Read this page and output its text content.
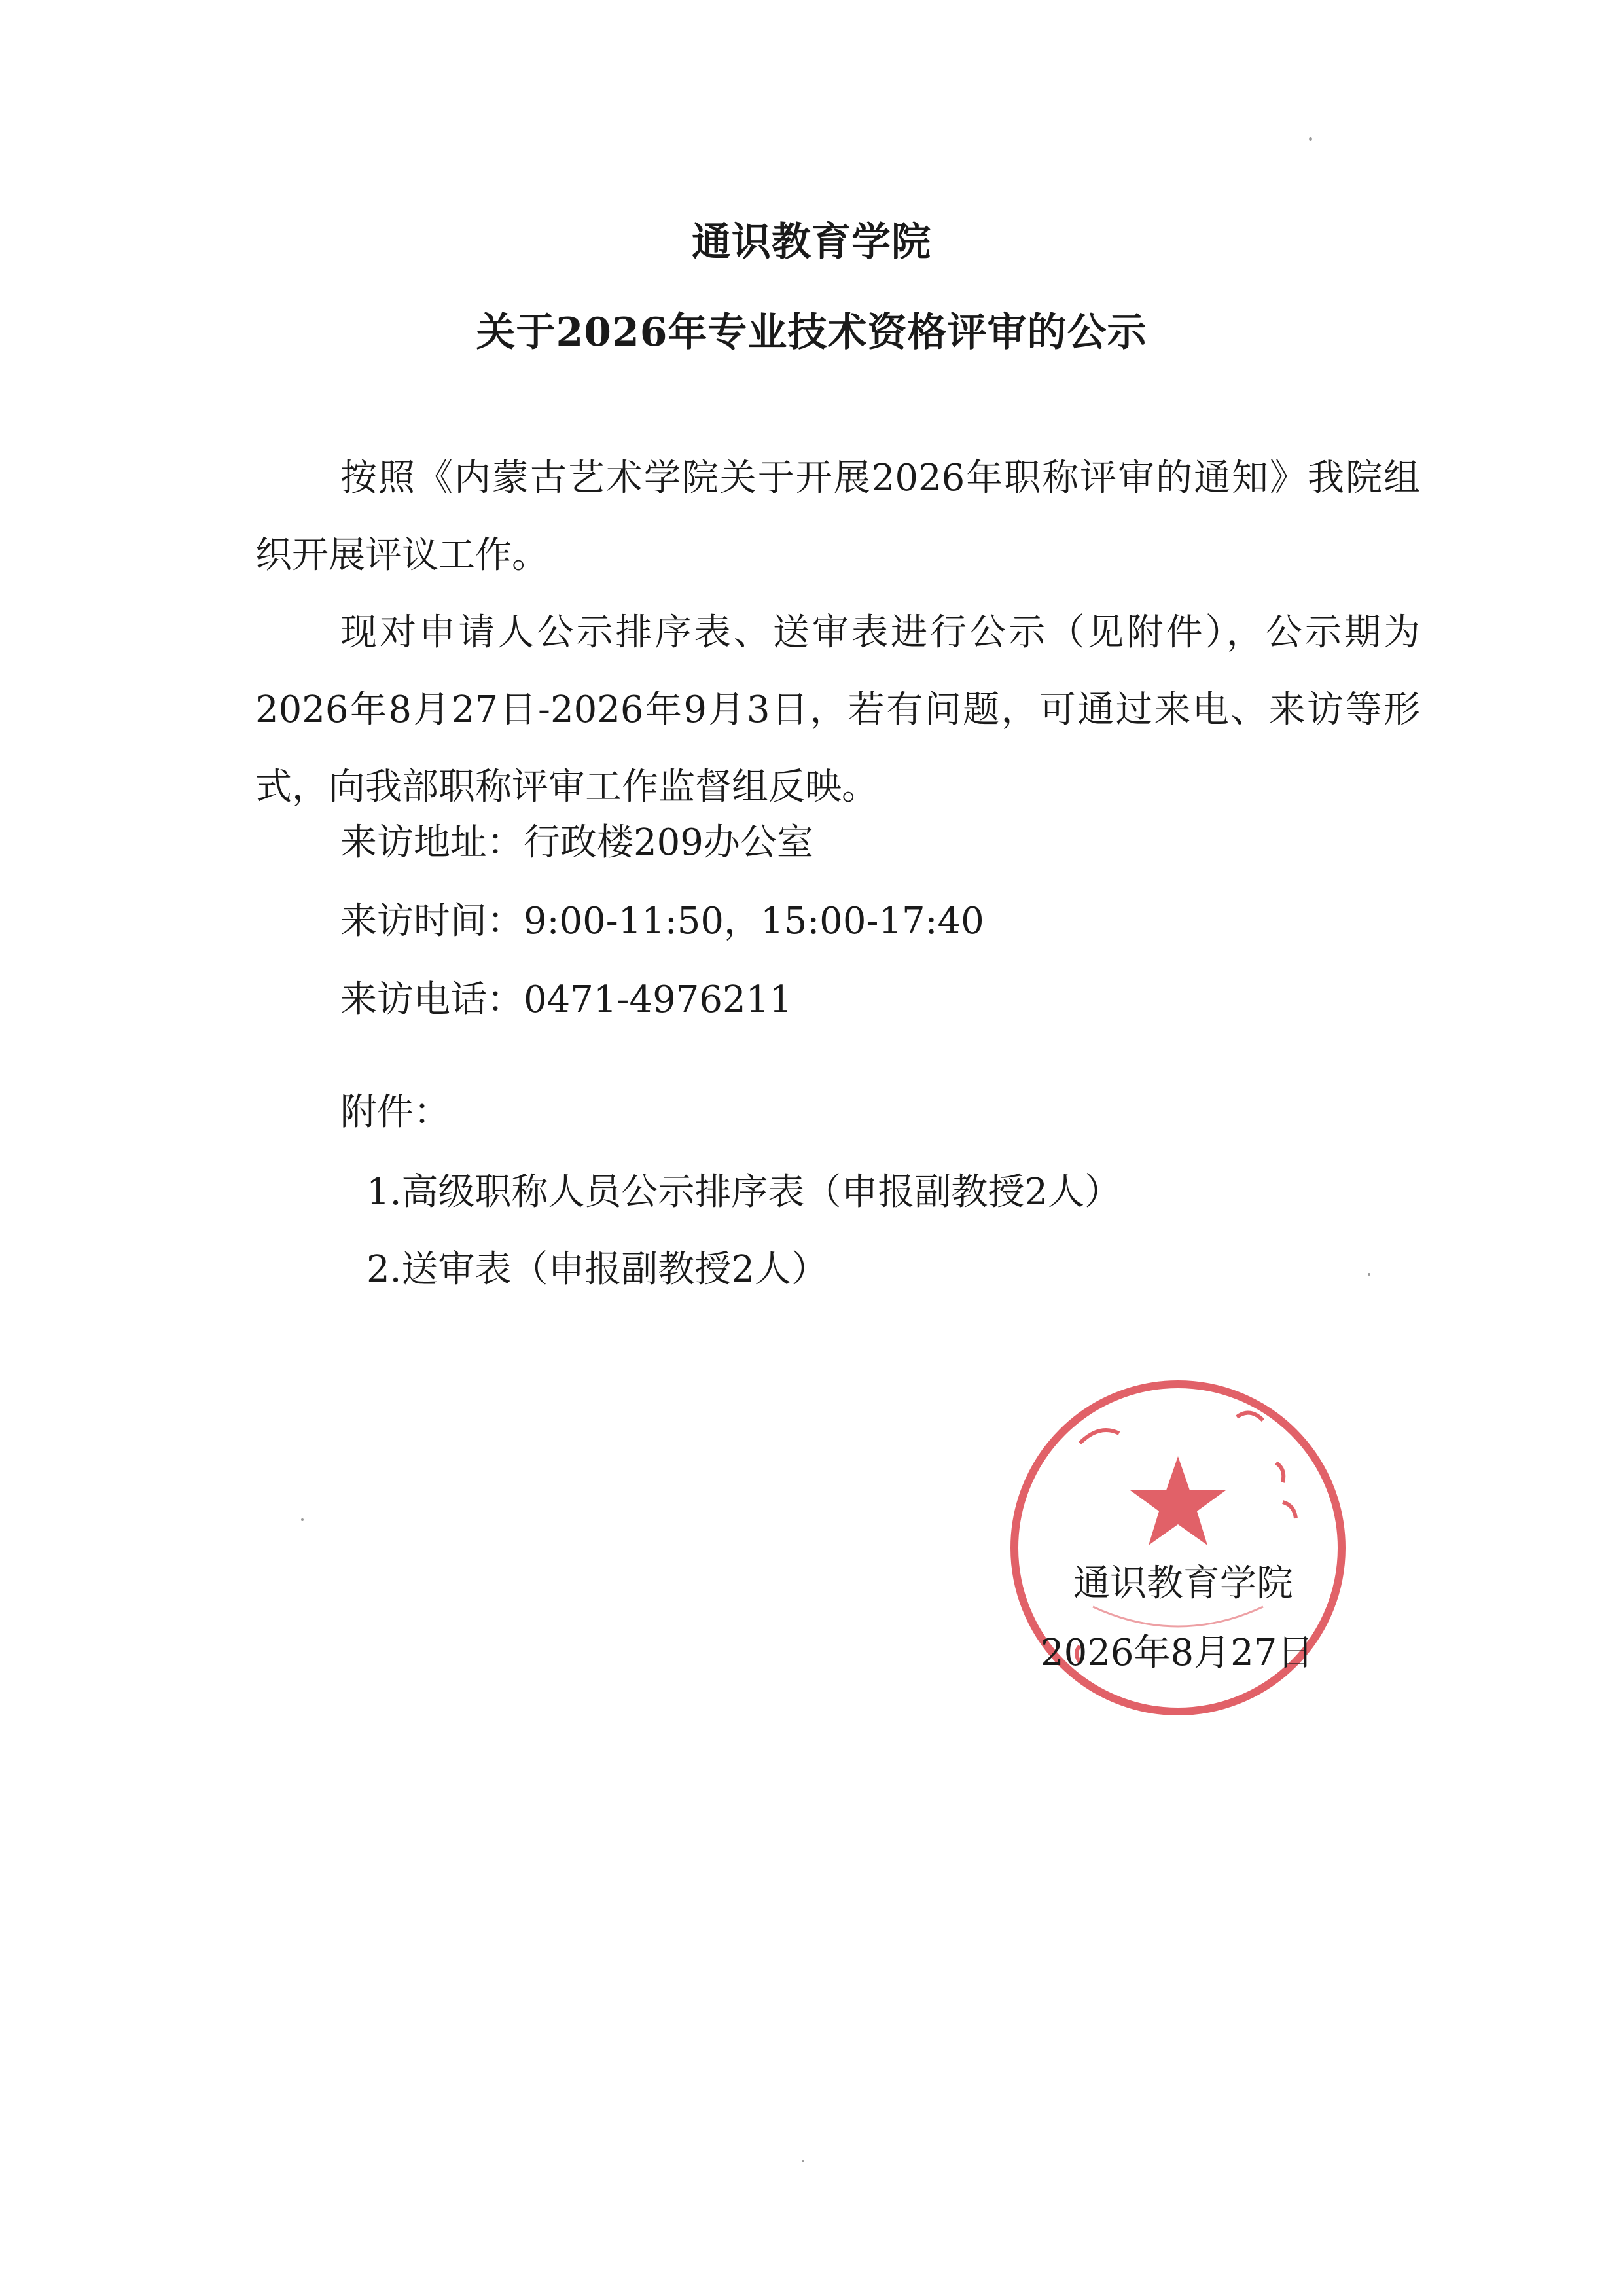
通识教育学院
关于2026年专业技术资格评审的公示

按照《内蒙古艺术学院关于开展2026年职称评审的通知》我院组织开展评议工作。

现对申请人公示排序表、送审表进行公示（见附件），公示期为2026年8月27日-2026年9月3日，若有问题，可通过来电、来访等形式，向我部职称评审工作监督组反映。

来访地址：行政楼209办公室
来访时间：9:00-11:50，15:00-17:40
来访电话：0471-4976211
附件：
1.高级职称人员公示排序表（申报副教授2人）
2.送审表（申报副教授2人）
通识教育学院
2026年8月27日
